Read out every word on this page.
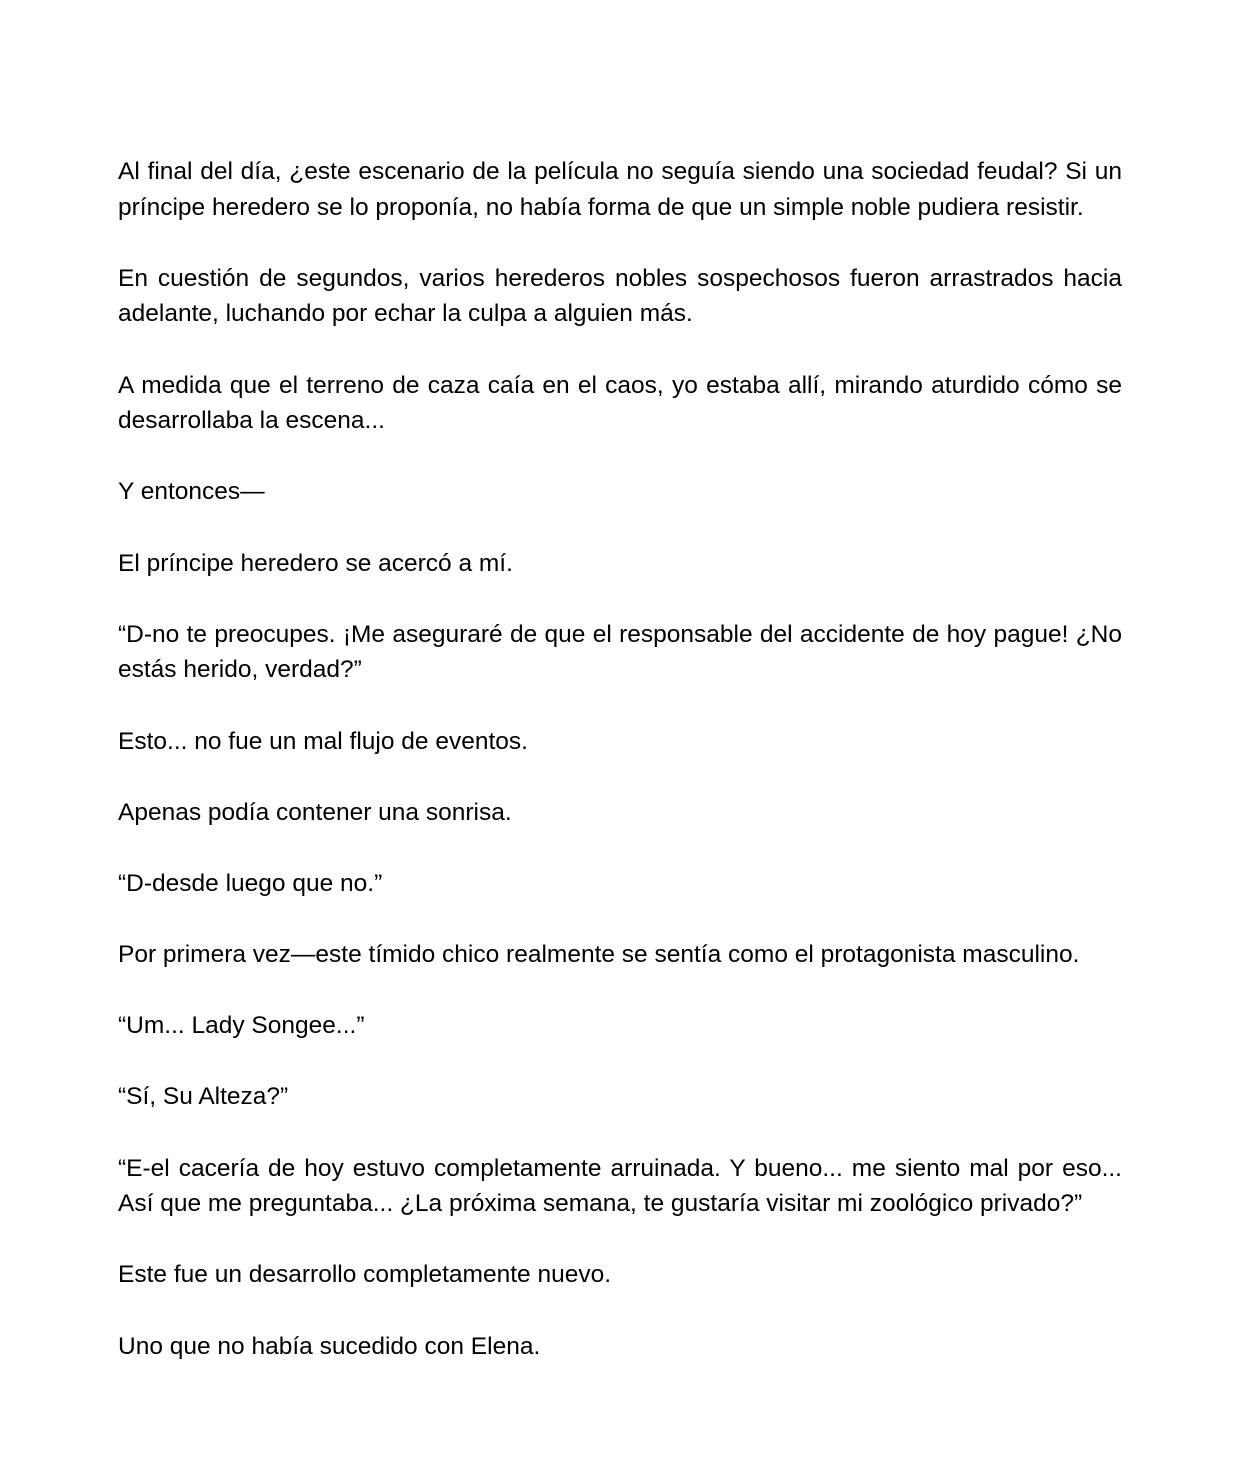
Al final del día, ¿este escenario de la película no seguía siendo una sociedad feudal? Si un príncipe heredero se lo proponía, no había forma de que un simple noble pudiera resistir.

En cuestión de segundos, varios herederos nobles sospechosos fueron arrastrados hacia adelante, luchando por echar la culpa a alguien más.

A medida que el terreno de caza caía en el caos, yo estaba allí, mirando aturdido cómo se desarrollaba la escena...

Y entonces—

El príncipe heredero se acercó a mí.

“D-no te preocupes. ¡Me aseguraré de que el responsable del accidente de hoy pague! ¿No estás herido, verdad?”

Esto... no fue un mal flujo de eventos.

Apenas podía contener una sonrisa.

“D-desde luego que no.”

Por primera vez—este tímido chico realmente se sentía como el protagonista masculino.

“Um... Lady Songee...”

“Sí, Su Alteza?”

“E-el cacería de hoy estuvo completamente arruinada. Y bueno... me siento mal por eso... Así que me preguntaba... ¿La próxima semana, te gustaría visitar mi zoológico privado?”

Este fue un desarrollo completamente nuevo.

Uno que no había sucedido con Elena.
